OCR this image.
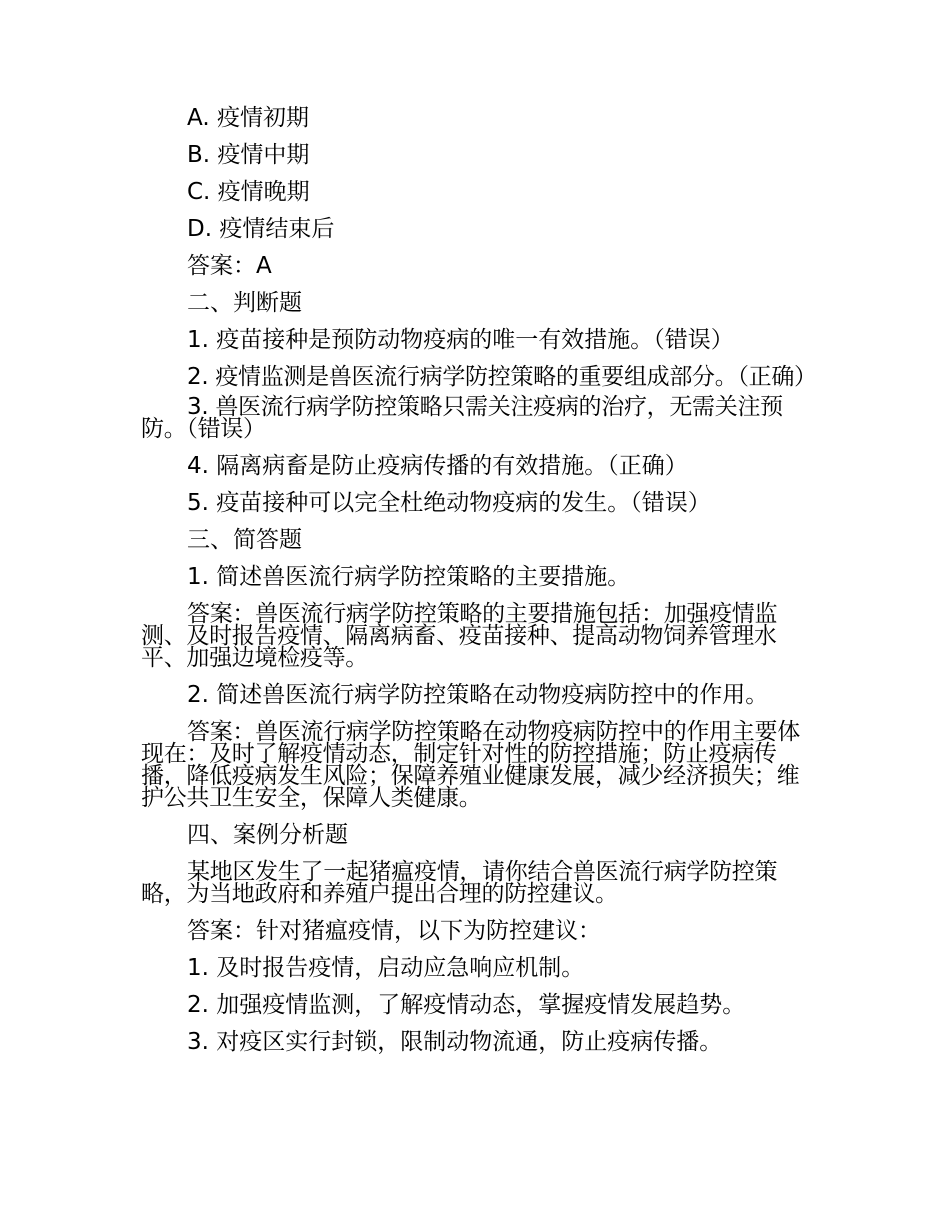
A. 疫情初期

B. 疫情中期

C. 疫情晚期

D. 疫情结束后

答案：A

二、判断题

1. 疫苗接种是预防动物疫病的唯一有效措施。（错误）

2. 疫情监测是兽医流行病学防控策略的重要组成部分。（正确）

3. 兽医流行病学防控策略只需关注疫病的治疗，无需关注预防。（错误）

4. 隔离病畜是防止疫病传播的有效措施。（正确）

5. 疫苗接种可以完全杜绝动物疫病的发生。（错误）

三、简答题

1. 简述兽医流行病学防控策略的主要措施。

答案：兽医流行病学防控策略的主要措施包括：加强疫情监测、及时报告疫情、隔离病畜、疫苗接种、提高动物饲养管理水平、加强边境检疫等。

2. 简述兽医流行病学防控策略在动物疫病防控中的作用。

答案：兽医流行病学防控策略在动物疫病防控中的作用主要体现在：及时了解疫情动态，制定针对性的防控措施；防止疫病传播，降低疫病发生风险；保障养殖业健康发展，减少经济损失；维护公共卫生安全，保障人类健康。

四、案例分析题

某地区发生了一起猪瘟疫情，请你结合兽医流行病学防控策略，为当地政府和养殖户提出合理的防控建议。

答案：针对猪瘟疫情，以下为防控建议：

1. 及时报告疫情，启动应急响应机制。

2. 加强疫情监测，了解疫情动态，掌握疫情发展趋势。

3. 对疫区实行封锁，限制动物流通，防止疫病传播。
